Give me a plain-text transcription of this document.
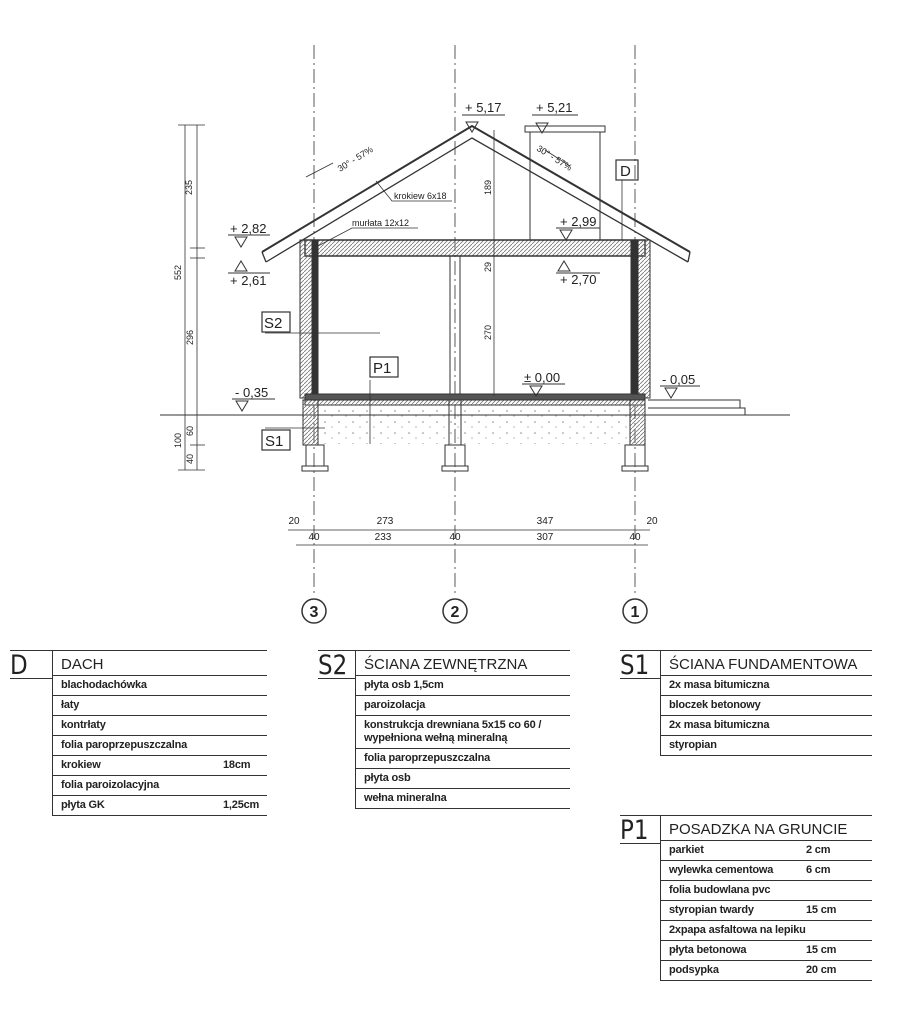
3	2	1
235
552
296
100
60
40
189
29
270
20	273	347	20
40	233	40	307	40
+ 5,17	+ 5,21
+ 2,82
+ 2,61
+ 2,99
+ 2,70
- 0,35
± 0,00	- 0,05
30° - 57%	30° - 57%
krokiew 6x18
murłata 12x12
D
S2
P1
S1
D	DACH
blachodachówka
łaty
kontrłaty
folia paroprzepuszczalna
krokiew	18cm
folia paroizolacyjna
płyta GK	1,25cm
S2	ŚCIANA ZEWNĘTRZNA
płyta osb 1,5cm
paroizolacja
konstrukcja drewniana 5x15 co 60 /
wypełniona wełną mineralną
folia paroprzepuszczalna
płyta osb
wełna mineralna
S1	ŚCIANA FUNDAMENTOWA
2x masa bitumiczna
bloczek betonowy
2x masa bitumiczna
styropian
P1	POSADZKA NA GRUNCIE
parkiet	2 cm
wylewka cementowa	6 cm
folia budowlana pvc
styropian twardy	15 cm
2xpapa asfaltowa na lepiku
płyta betonowa	15 cm
podsypka	20 cm
